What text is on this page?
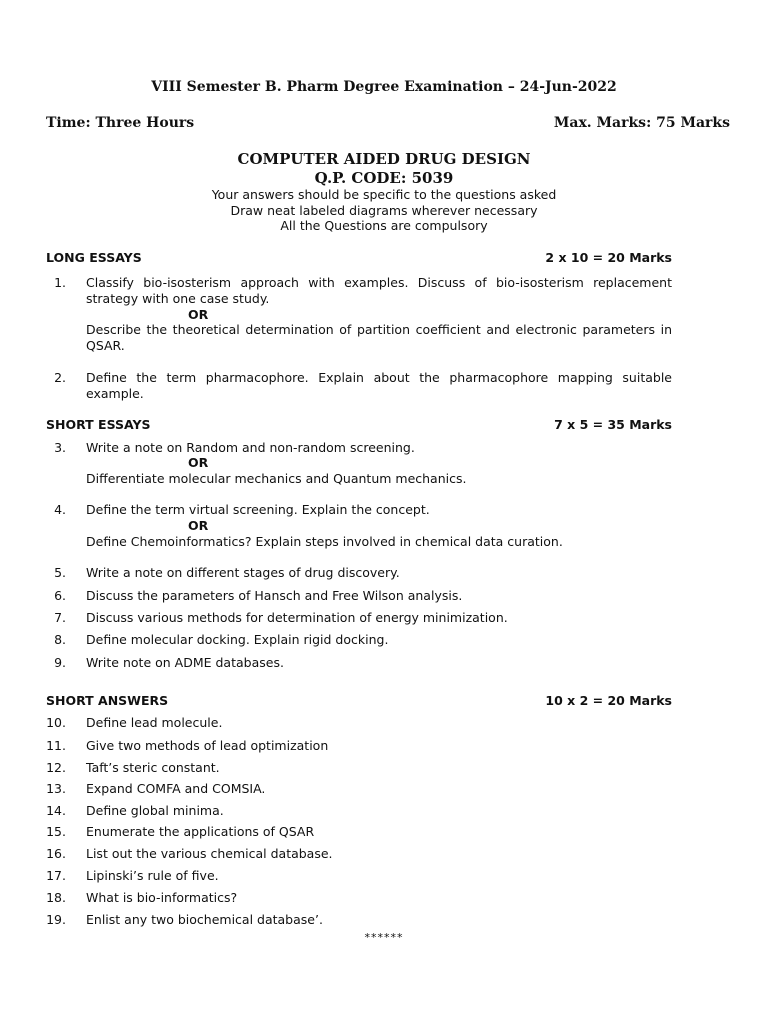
VIII Semester B. Pharm Degree Examination – 24-Jun-2022
Time: Three Hours	Max. Marks: 75 Marks
COMPUTER AIDED DRUG DESIGN
Q.P. CODE: 5039
Your answers should be specific to the questions asked
Draw neat labeled diagrams wherever necessary
All the Questions are compulsory
LONG ESSAYS	2 x 10 = 20 Marks
1. Classify bio-isosterism approach with examples. Discuss of bio-isosterism replacement strategy with one case study.
OR
Describe the theoretical determination of partition coefficient and electronic parameters in QSAR.
2. Define the term pharmacophore. Explain about the pharmacophore mapping suitable example.
SHORT ESSAYS	7 x 5 = 35 Marks
3. Write a note on Random and non-random screening.
OR
Differentiate molecular mechanics and Quantum mechanics.
4. Define the term virtual screening. Explain the concept.
OR
Define Chemoinformatics? Explain steps involved in chemical data curation.
5. Write a note on different stages of drug discovery.
6. Discuss the parameters of Hansch and Free Wilson analysis.
7. Discuss various methods for determination of energy minimization.
8. Define molecular docking. Explain rigid docking.
9. Write note on ADME databases.
SHORT ANSWERS	10 x 2 = 20 Marks
10. Define lead molecule.
11. Give two methods of lead optimization
12. Taft’s steric constant.
13. Expand COMFA and COMSIA.
14. Define global minima.
15. Enumerate the applications of QSAR
16. List out the various chemical database.
17. Lipinski’s rule of five.
18. What is bio-informatics?
19. Enlist any two biochemical database’.
******
